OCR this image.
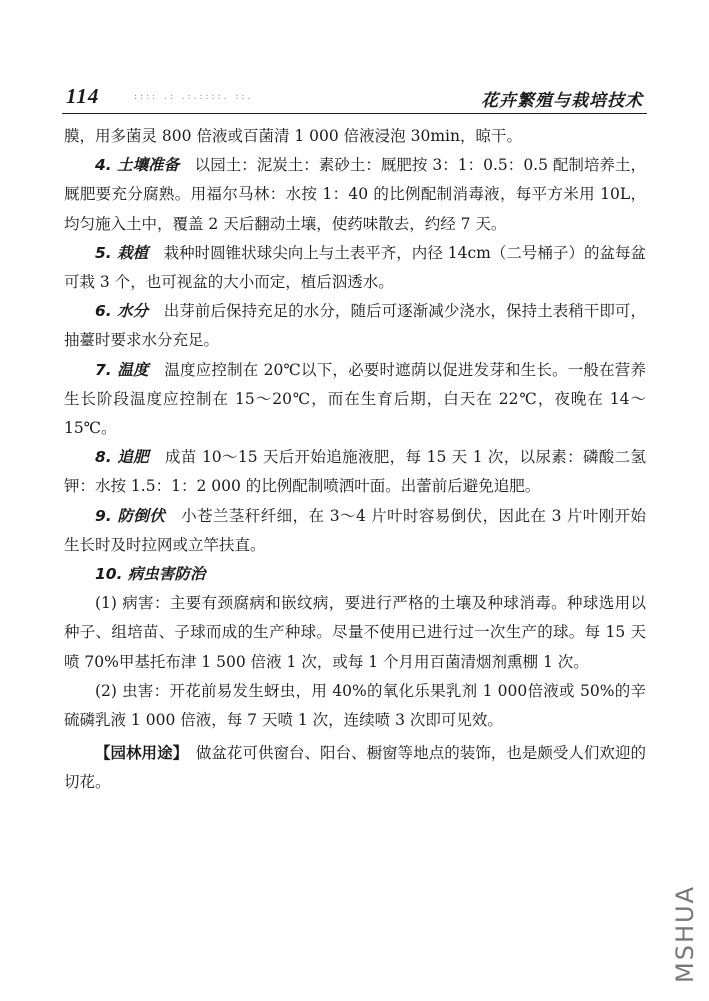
114	:::: .: .:.::::. ::.	花卉繁殖与栽培技术

膜，用多菌灵 800 倍液或百菌清 1 000 倍液浸泡 30min，晾干。

4. 土壤准备　以园土：泥炭土：素砂土：厩肥按 3：1：0.5：0.5 配制培养土，厩肥要充分腐熟。用福尔马林：水按 1：40 的比例配制消毒液，每平方米用 10L，均匀施入土中，覆盖 2 天后翻动土壤，使药味散去，约经 7 天。

5. 栽植　栽种时圆锥状球尖向上与土表平齐，内径 14cm（二号桶子）的盆每盆可栽 3 个，也可视盆的大小而定，植后泅透水。

6. 水分　出芽前后保持充足的水分，随后可逐渐减少浇水，保持土表稍干即可，抽薹时要求水分充足。

7. 温度　温度应控制在 20℃以下，必要时遮荫以促进发芽和生长。一般在营养生长阶段温度应控制在 15～20℃，而在生育后期，白天在 22℃，夜晚在 14～15℃。

8. 追肥　成苗 10～15 天后开始追施液肥，每 15 天 1 次，以尿素：磷酸二氢钾：水按 1.5：1：2 000 的比例配制喷洒叶面。出蕾前后避免追肥。

9. 防倒伏　小苍兰茎秆纤细，在 3～4 片叶时容易倒伏，因此在 3 片叶刚开始生长时及时拉网或立竿扶直。

10. 病虫害防治

(1) 病害：主要有颈腐病和嵌纹病，要进行严格的土壤及种球消毒。种球选用以种子、组培苗、子球而成的生产种球。尽量不使用已进行过一次生产的球。每 15 天喷 70%甲基托布津 1 500 倍液 1 次，或每 1 个月用百菌清烟剂熏棚 1 次。

(2) 虫害：开花前易发生蚜虫，用 40%的氧化乐果乳剂 1 000倍液或 50%的辛硫磷乳液 1 000 倍液，每 7 天喷 1 次，连续喷 3 次即可见效。

【园林用途】　做盆花可供窗台、阳台、橱窗等地点的装饰，也是颇受人们欢迎的切花。

MSHUA
